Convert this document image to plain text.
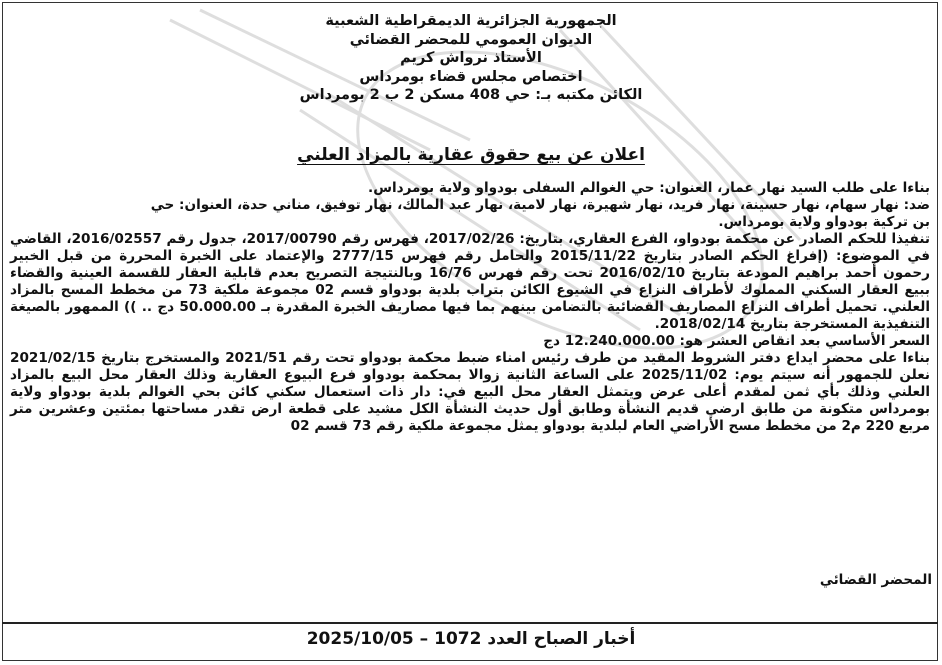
الجمهورية الجزائرية الديمقراطية الشعبية
الديوان العمومي للمحضر القضائي
الأستاذ نرواش كريم
اختصاص مجلس قضاء بومرداس
الكائن مكتبه بـ: حي 408 مسكن 2 ب 2 بومرداس
اعلان عن بيع حقوق عقارية بالمزاد العلني

بناءا على طلب السيد نهار عمار، العنوان: حي الغوالم السفلى بودواو ولاية بومرداس.

ضد: نهار سهام، نهار حسينة، نهار فريد، نهار شهيرة، نهار لامية، نهار عبد المالك، نهار توفيق، مناني حدة، العنوان: حي

بن تركية بودواو ولاية بومرداس.

تنفيذا للحكم الصادر عن محكمة بودواو، الفرع العقاري، بتاريخ: 2017/02/26، فهرس رقم 2017/00790، جدول رقم 2016/02557، القاضي في الموضوع: (إفراغ الحكم الصادر بتاريخ 2015/11/22 والحامل رقم فهرس 2777/15 والإعتماد على الخبرة المحررة من قبل الخبير رحمون أحمد براهيم المودعة بتاريخ 2016/02/10 تحت رقم فهرس 16/76 وبالنتيجة التصريح بعدم قابلية العقار للقسمة العينية والقضاء ببيع العقار السكني المملوك لأطراف النزاع في الشيوع الكائن بتراب بلدية بودواو قسم 02 مجموعة ملكية 73 من مخطط المسح بالمزاد العلني. تحميل أطراف النزاع المصاريف القضائية بالتضامن بينهم بما فيها مصاريف الخبرة المقدرة بـ 50.000.00 دج .. )) الممهور بالصيغة التنفيذية المستخرجة بتاريخ 2018/02/14.

السعر الأساسي بعد انقاص العشر هو: 12.240.000.00 دج

بناءا على محضر ايداع دفتر الشروط المقيد من طرف رئيس امناء ضبط محكمة بودواو تحت رقم 2021/51 والمستخرج بتاريخ 2021/02/15 نعلن للجمهور أنه سيتم يوم: 2025/11/02 على الساعة الثانية زوالا بمحكمة بودواو فرع البيوع العقارية وذلك العقار محل البيع بالمزاد العلني وذلك بأي ثمن لمقدم أعلى عرض ويتمثل العقار محل البيع في: دار ذات استعمال سكني كائن بحي الغوالم بلدية بودواو ولاية بومرداس متكونة من طابق ارضي قديم النشأة وطابق أول حديث النشأة الكل مشيد على قطعة ارض تقدر مساحتها بمئتين وعشرين متر مربع 220 م2 من مخطط مسح الأراضي العام لبلدية بودواو يمثل مجموعة ملكية رقم 73 قسم 02

المحضر القضائي
أخبار الصباح العدد 1072 – 2025/10/05
